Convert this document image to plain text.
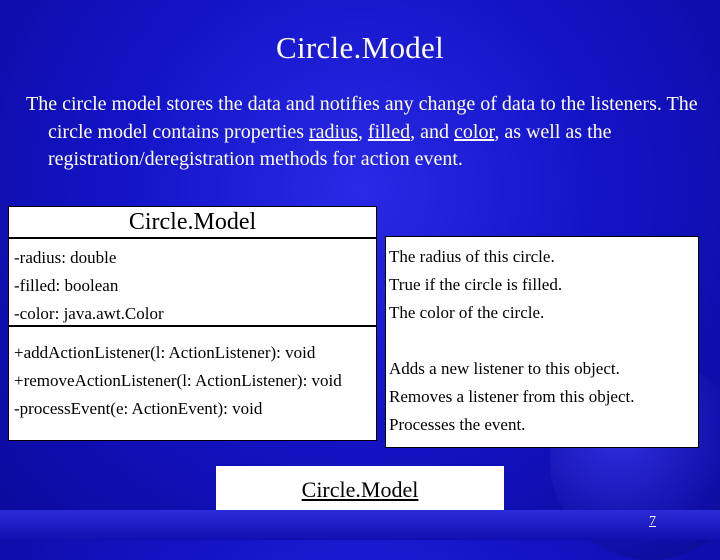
Circle.Model
The circle model stores the data and notifies any change of data to the listeners. The circle model contains properties radius, filled, and color, as well as the registration/deregistration methods for action event.
Circle.Model
-radius: double
-filled: boolean
-color: java.awt.Color
+addActionListener(l: ActionListener): void
+removeActionListener(l: ActionListener): void
-processEvent(e: ActionEvent): void
The radius of this circle.
True if the circle is filled.
The color of the circle.
Adds a new listener to this object.
Removes a listener from this object.
Processes the event.
Circle.Model
7
